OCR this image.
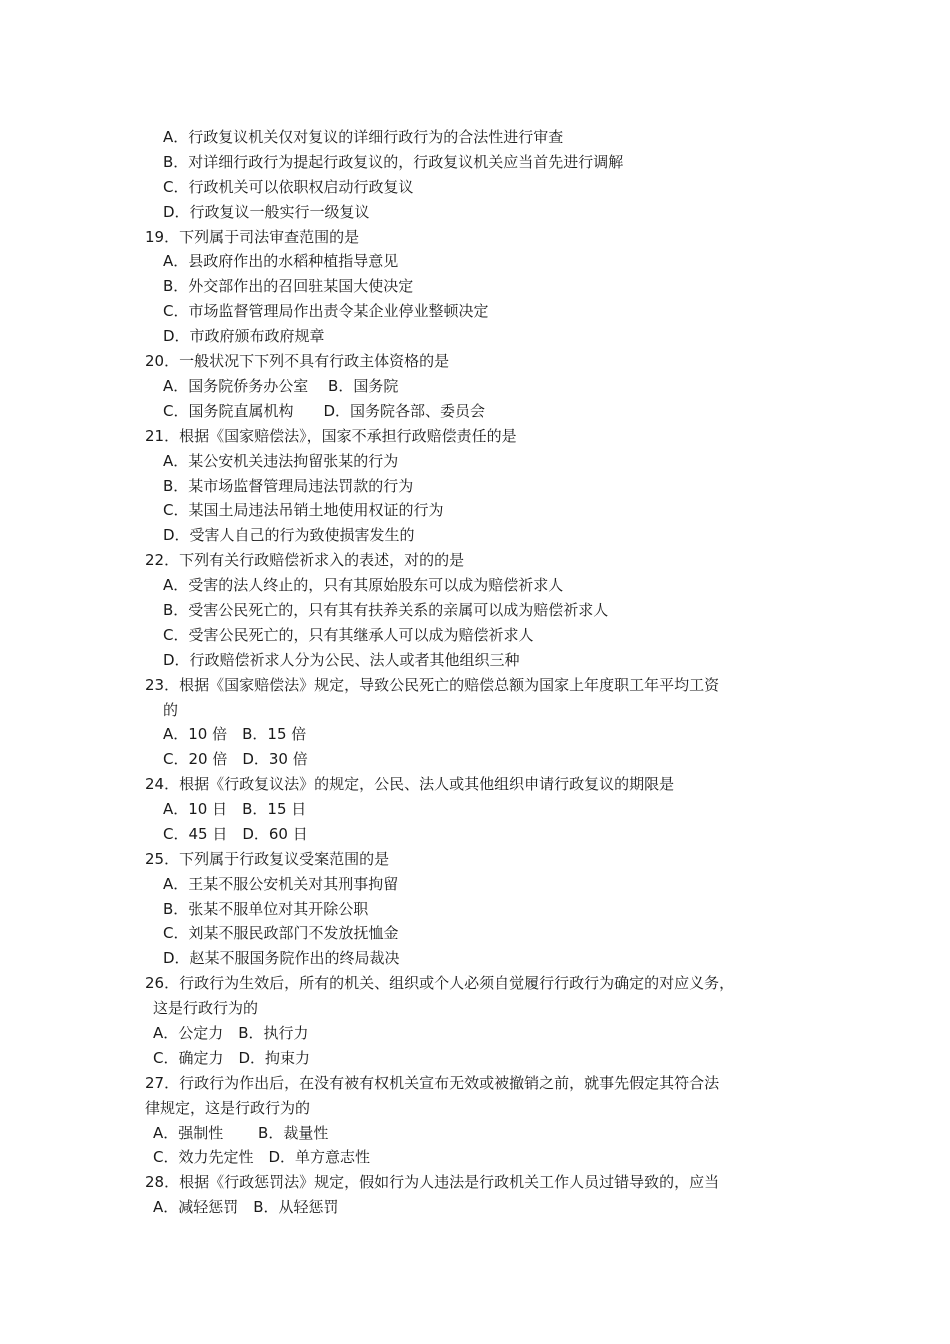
A．行政复议机关仅对复议的详细行政行为的合法性进行审查
B．对详细行政行为提起行政复议的，行政复议机关应当首先进行调解
C．行政机关可以依职权启动行政复议
D．行政复议一般实行一级复议
19．下列属于司法审查范围的是
A．县政府作出的水稻种植指导意见
B．外交部作出的召回驻某国大使决定
C．市场监督管理局作出责令某企业停业整顿决定
D．市政府颁布政府规章
20．一般状况下下列不具有行政主体资格的是
A．国务院侨务办公室　 B．国务院
C．国务院直属机构　　D．国务院各部、委员会
21．根据《国家赔偿法》，国家不承担行政赔偿责任的是
A．某公安机关违法拘留张某的行为
B．某市场监督管理局违法罚款的行为
C．某国土局违法吊销土地使用权证的行为
D．受害人自己的行为致使损害发生的
22．下列有关行政赔偿祈求入的表述，对的的是
A．受害的法人终止的，只有其原始股东可以成为赔偿祈求人
B．受害公民死亡的，只有其有扶养关系的亲属可以成为赔偿祈求人
C．受害公民死亡的，只有其继承人可以成为赔偿祈求人
D．行政赔偿祈求人分为公民、法人或者其他组织三种
23．根据《国家赔偿法》规定，导致公民死亡的赔偿总额为国家上年度职工年平均工资
的
A．10 倍　B．15 倍
C．20 倍　D．30 倍
24．根据《行政复议法》的规定，公民、法人或其他组织申请行政复议的期限是
A．10 日　B．15 日
C．45 日　D．60 日
25．下列属于行政复议受案范围的是
A．王某不服公安机关对其刑事拘留
B．张某不服单位对其开除公职
C．刘某不服民政部门不发放抚恤金
D．赵某不服国务院作出的终局裁决
26．行政行为生效后，所有的机关、组织或个人必须自觉履行行政行为确定的对应义务，
这是行政行为的
A．公定力　B．执行力
C．确定力　D．拘束力
27．行政行为作出后，在没有被有权机关宣布无效或被撤销之前，就事先假定其符合法
律规定，这是行政行为的
A．强制性　　 B．裁量性
C．效力先定性　D．单方意志性
28．根据《行政惩罚法》规定，假如行为人违法是行政机关工作人员过错导致的，应当
A．减轻惩罚　B．从轻惩罚
